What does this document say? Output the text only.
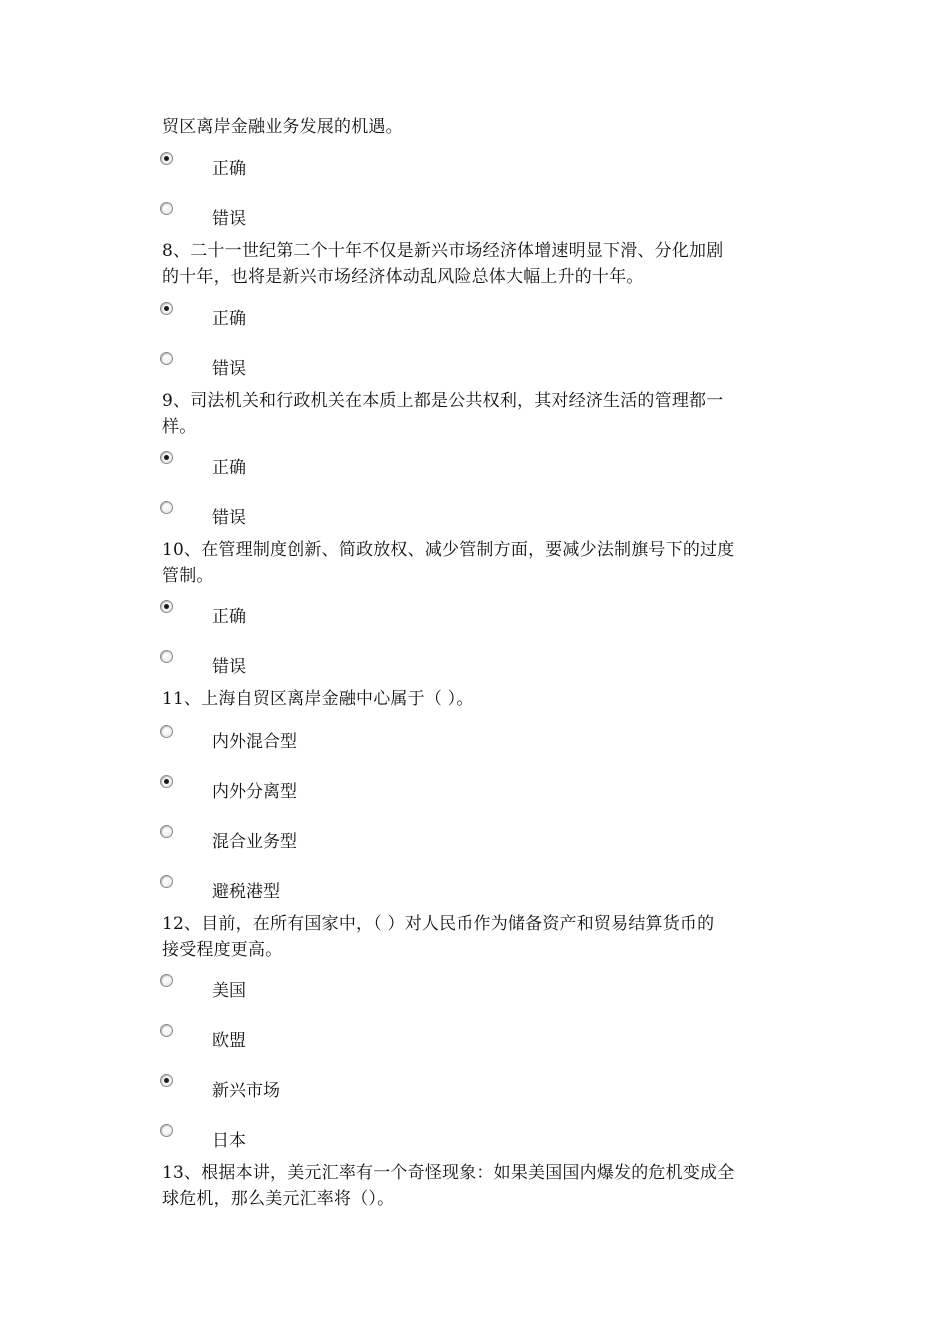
贸区离岸金融业务发展的机遇。
正确
错误
8、二十一世纪第二个十年不仅是新兴市场经济体增速明显下滑、分化加剧
的十年，也将是新兴市场经济体动乱风险总体大幅上升的十年。
正确
错误
9、司法机关和行政机关在本质上都是公共权利，其对经济生活的管理都一
样。
正确
错误
10、在管理制度创新、简政放权、减少管制方面，要减少法制旗号下的过度
管制。
正确
错误
11、上海自贸区离岸金融中心属于（ ）。
内外混合型
内外分离型
混合业务型
避税港型
12、目前，在所有国家中，（ ）对人民币作为储备资产和贸易结算货币的
接受程度更高。
美国
欧盟
新兴市场
日本
13、根据本讲，美元汇率有一个奇怪现象：如果美国国内爆发的危机变成全
球危机，那么美元汇率将（）。
